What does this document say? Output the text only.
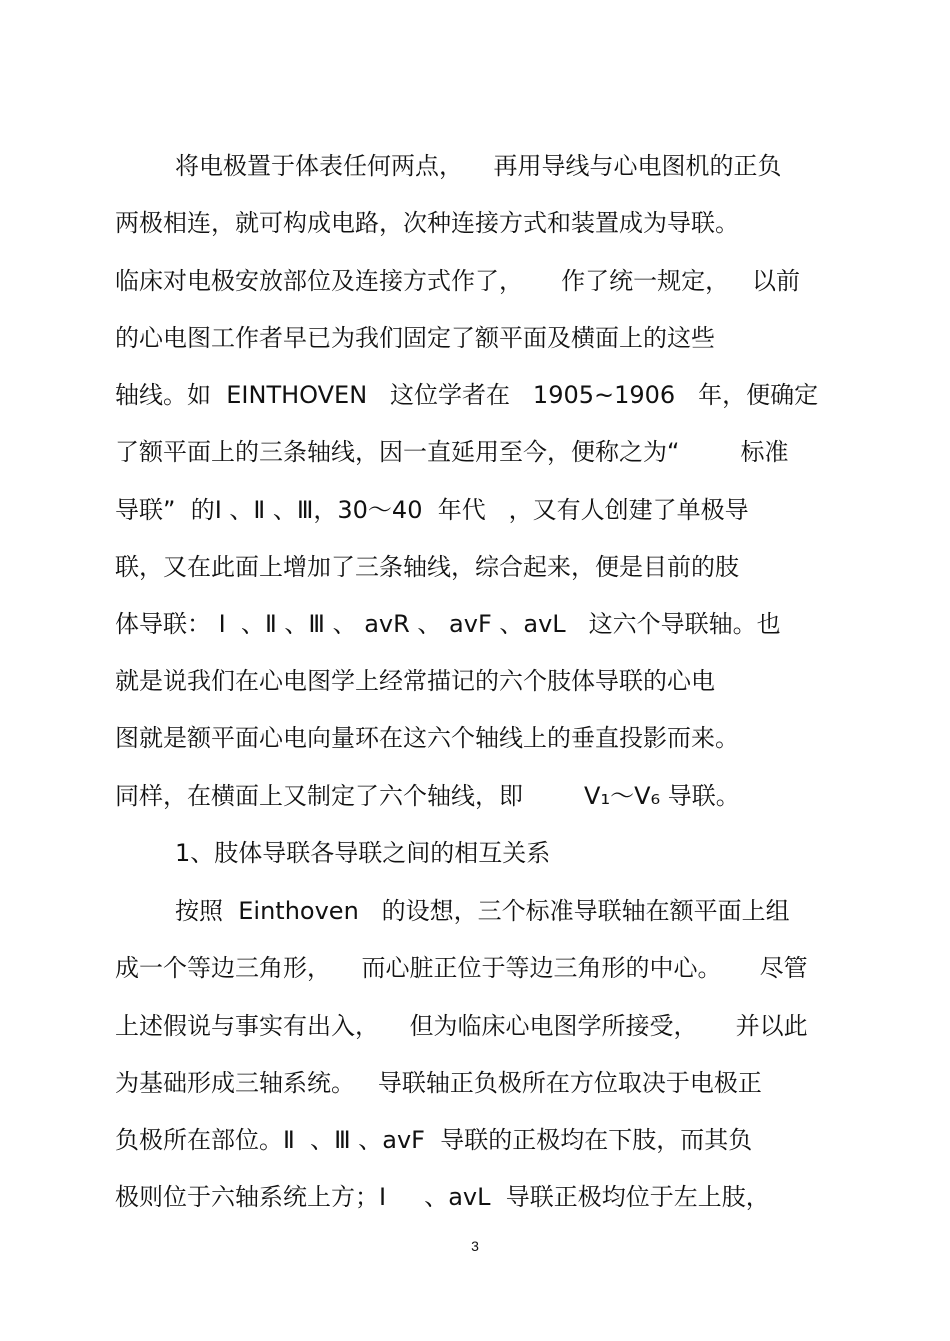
将电极置于体表任何两点，    再用导线与心电图机的正负
两极相连，就可构成电路，次种连接方式和装置成为导联。
临床对电极安放部位及连接方式作了，     作了统一规定，   以前
的心电图工作者早已为我们固定了额平面及横面上的这些
轴线。如  EINTHOVEN   这位学者在   1905~1906   年，便确定
了额平面上的三条轴线，因一直延用至今，便称之为“        标准
导联”  的Ⅰ 、Ⅱ 、Ⅲ，30～40  年代   ，又有人创建了单极导
联，又在此面上增加了三条轴线，综合起来，便是目前的肢
体导联： Ⅰ  、Ⅱ 、Ⅲ 、 avR 、 avF 、avL   这六个导联轴。也
就是说我们在心电图学上经常描记的六个肢体导联的心电
图就是额平面心电向量环在这六个轴线上的垂直投影而来。
同样，在横面上又制定了六个轴线，即        V₁～V₆ 导联。
1、肢体导联各导联之间的相互关系
按照  Einthoven   的设想，三个标准导联轴在额平面上组
成一个等边三角形，    而心脏正位于等边三角形的中心。     尽管
上述假说与事实有出入，    但为临床心电图学所接受，     并以此
为基础形成三轴系统。   导联轴正负极所在方位取决于电极正
负极所在部位。Ⅱ  、Ⅲ 、avF  导联的正极均在下肢，而其负
极则位于六轴系统上方；Ⅰ     、avL  导联正极均位于左上肢，
3
